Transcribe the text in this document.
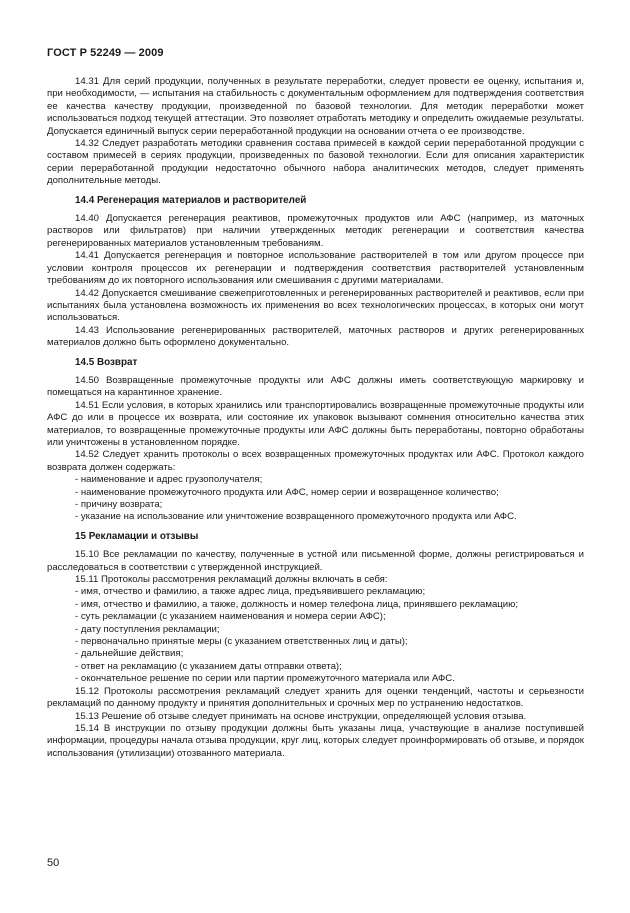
ГОСТ Р 52249 — 2009

14.31 Для серий продукции, полученных в результате переработки, следует провести ее оценку, испытания и, при необходимости, — испытания на стабильность с документальным оформлением для подтверждения соответствия ее качества качеству продукции, произведенной по базовой технологии. Для методик переработки может использоваться подход текущей аттестации. Это позволяет отработать методику и определить ожидаемые результаты. Допускается единичный выпуск серии переработанной продукции на основании отчета о ее производстве.

14.32 Следует разработать методики сравнения состава примесей в каждой серии переработанной продукции с составом примесей в сериях продукции, произведенных по базовой технологии. Если для описания характеристик серии переработанной продукции недостаточно обычного набора аналитических методов, следует применять дополнительные методы.

14.4 Регенерация материалов и растворителей

14.40 Допускается регенерация реактивов, промежуточных продуктов или АФС (например, из маточных растворов или фильтратов) при наличии утвержденных методик регенерации и соответствия качества регенерированных материалов установленным требованиям.

14.41 Допускается регенерация и повторное использование растворителей в том или другом процессе при условии контроля процессов их регенерации и подтверждения соответствия растворителей установленным требованиям до их повторного использования или смешивания с другими материалами.

14.42 Допускается смешивание свежеприготовленных и регенерированных растворителей и реактивов, если при испытаниях была установлена возможность их применения во всех технологических процессах, в которых они могут использоваться.

14.43 Использование регенерированных растворителей, маточных растворов и других регенерированных материалов должно быть оформлено документально.

14.5 Возврат

14.50 Возвращенные промежуточные продукты или АФС должны иметь соответствующую маркировку и помещаться на карантинное хранение.

14.51 Если условия, в которых хранились или транспортировались возвращенные промежуточные продукты или АФС до или в процессе их возврата, или состояние их упаковок вызывают сомнения относительно качества этих материалов, то возвращенные промежуточные продукты или АФС должны быть переработаны, повторно обработаны или уничтожены в установленном порядке.

14.52 Следует хранить протоколы о всех возвращенных промежуточных продуктах или АФС. Протокол каждого возврата должен содержать:

- наименование и адрес грузополучателя;

- наименование промежуточного продукта или АФС, номер серии и возвращенное количество;

- причину возврата;

- указание на использование или уничтожение возвращенного промежуточного продукта или АФС.

15 Рекламации и отзывы

15.10 Все рекламации по качеству, полученные в устной или письменной форме, должны регистрироваться и расследоваться в соответствии с утвержденной инструкцией.

15.11 Протоколы рассмотрения рекламаций должны включать в себя:

- имя, отчество и фамилию, а также адрес лица, предъявившего рекламацию;

- имя, отчество и фамилию, а также, должность и номер телефона лица, принявшего рекламацию;

- суть рекламации (с указанием наименования и номера серии АФС);

- дату поступления рекламации;

- первоначально принятые меры (с указанием ответственных лиц и даты);

- дальнейшие действия;

- ответ на рекламацию (с указанием даты отправки ответа);

- окончательное решение по серии или партии промежуточного материала или АФС.

15.12 Протоколы рассмотрения рекламаций следует хранить для оценки тенденций, частоты и серьезности рекламаций по данному продукту и принятия дополнительных и срочных мер по устранению недостатков.

15.13 Решение об отзыве следует принимать на основе инструкции, определяющей условия отзыва.

15.14 В инструкции по отзыву продукции должны быть указаны лица, участвующие в анализе поступившей информации, процедуры начала отзыва продукции, круг лиц, которых следует проинформировать об отзыве, и порядок использования (утилизации) отозванного материала.

50
